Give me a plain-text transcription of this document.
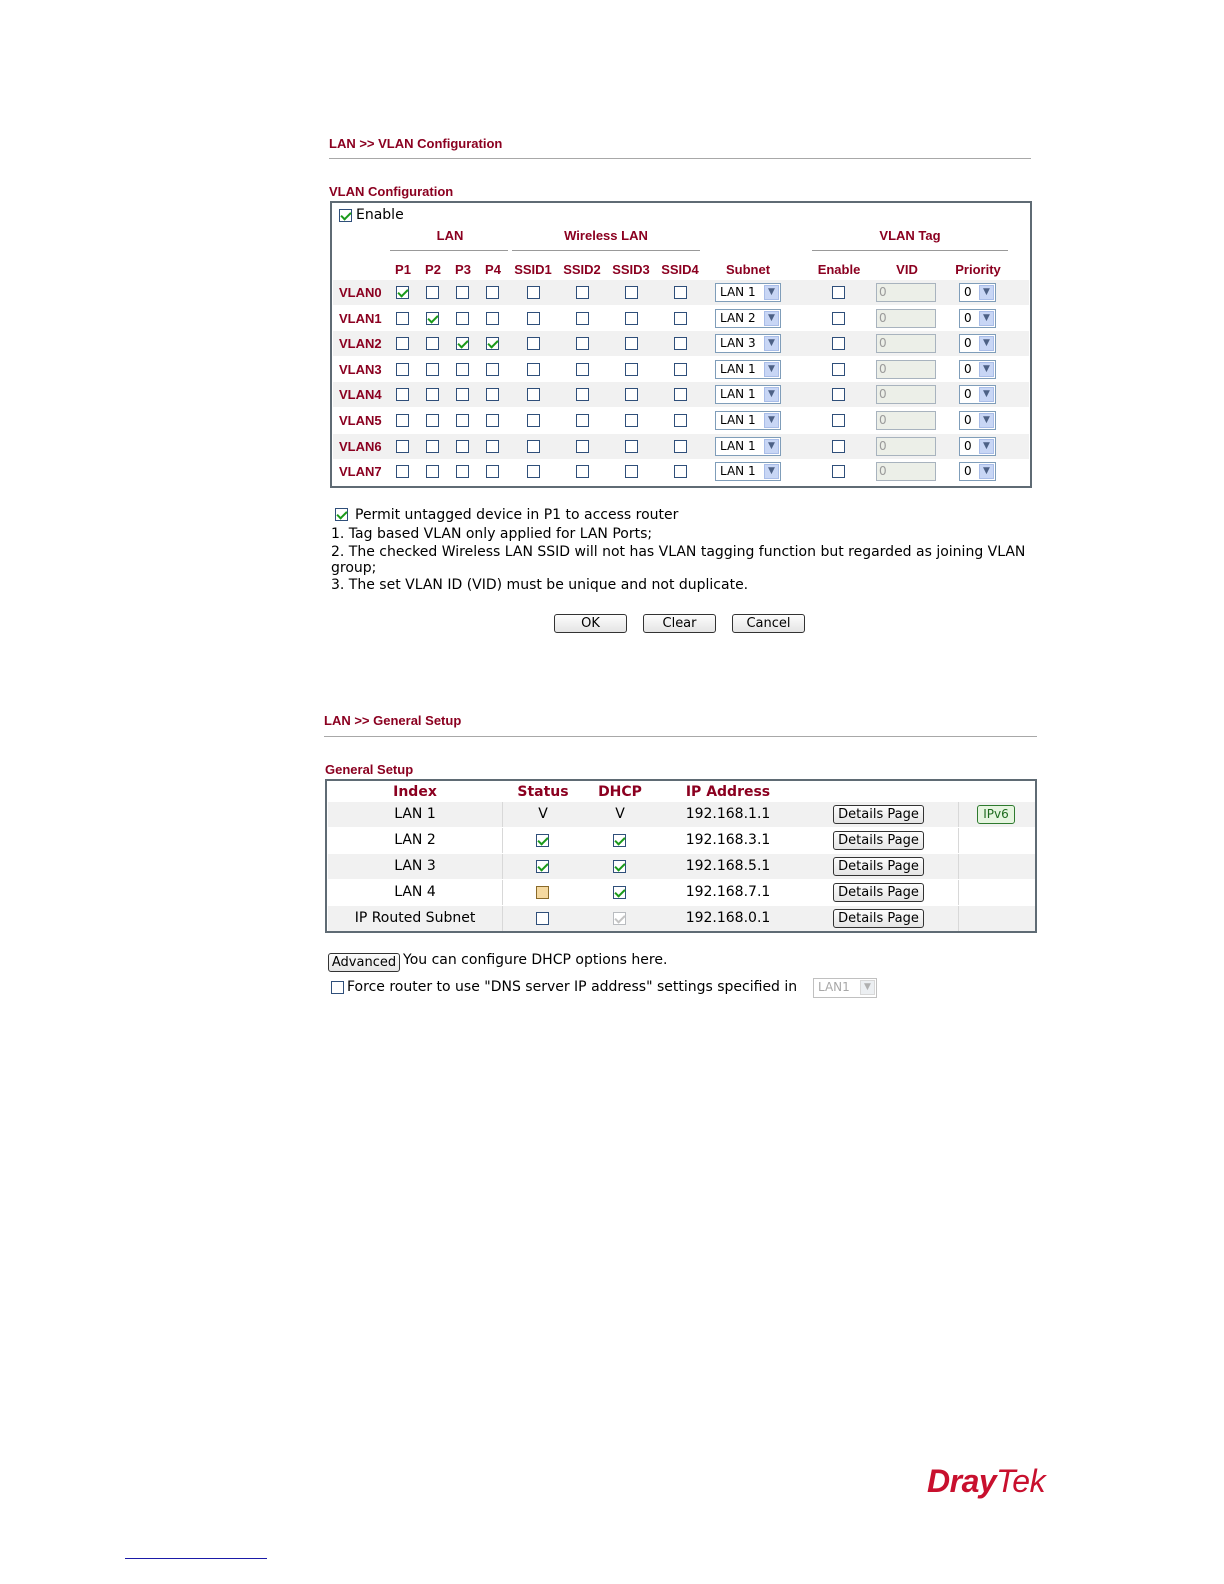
LAN >> VLAN Configuration
VLAN Configuration
Enable
LAN	Wireless LAN	VLAN Tag
P1	P2	P3	P4	SSID1 SSID2 SSID3 SSID4	Subnet	Enable	VID	Priority
VLAN0	LAN 1	▼	0	0	▼
VLAN1	LAN 2	▼	0	0	▼
VLAN2	LAN 3	▼	0	0	▼
VLAN3	LAN 1	▼	0	0	▼
VLAN4	LAN 1	▼	0	0	▼
VLAN5	LAN 1	▼	0	0	▼
VLAN6	LAN 1	▼	0	0	▼
VLAN7	LAN 1	▼	0	0	▼
Permit untagged device in P1 to access router
1. Tag based VLAN only applied for LAN Ports;
2. The checked Wireless LAN SSID will not has VLAN tagging function but regarded as joining VLAN
group;
3. The set VLAN ID (VID) must be unique and not duplicate.
OK	Clear	Cancel
LAN >> General Setup
General Setup
Index	Status	DHCP	IP Address
LAN 1	V	V	192.168.1.1	Details Page	IPv6
LAN 2	192.168.3.1	Details Page
LAN 3	192.168.5.1	Details Page
LAN 4	192.168.7.1	Details Page
IP Routed Subnet	192.168.0.1	Details Page
Advanced You can configure DHCP options here.
Force router to use "DNS server IP address" settings specified in	LAN1	▼
DrayTek
